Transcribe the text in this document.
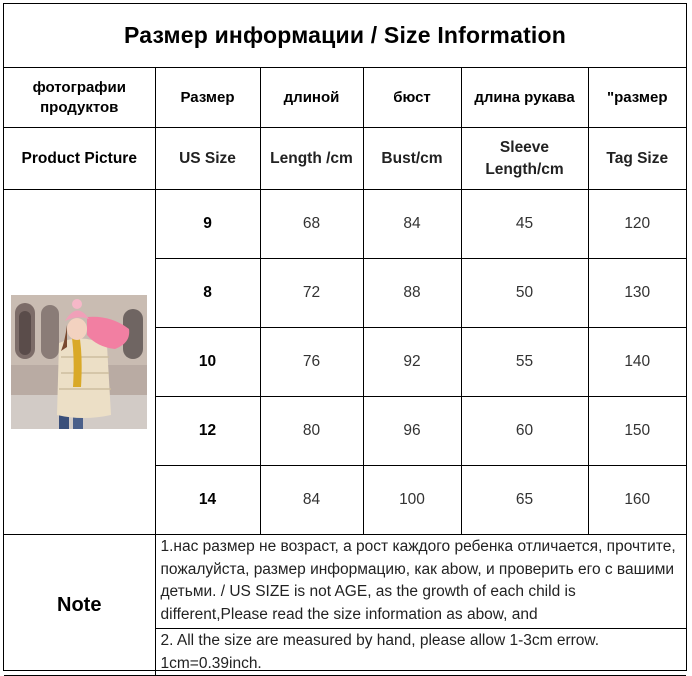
Размер информации / Size Information
фотографии продуктов	Размер	длиной	бюст	длина рукава	"размер
Product Picture	US Size	Length /cm	Bust/cm	Sleeve Length/cm	Tag Size

	9	68	84	45	120
	8	72	88	50	130
	10	76	92	55	140
	12	80	96	60	150
	14	84	100	65	160
Note	1.нас размер не возраст, а рост каждого ребенка отличается, прочтите, пожалуйста, размер информацию, как abow, и проверить его с вашими детьми. / US SIZE is not AGE, as the growth of each child is different,Please read the size information as abow, and				
	2. All the size are measured by hand, please allow 1-3cm errow. 1cm=0.39inch.				
